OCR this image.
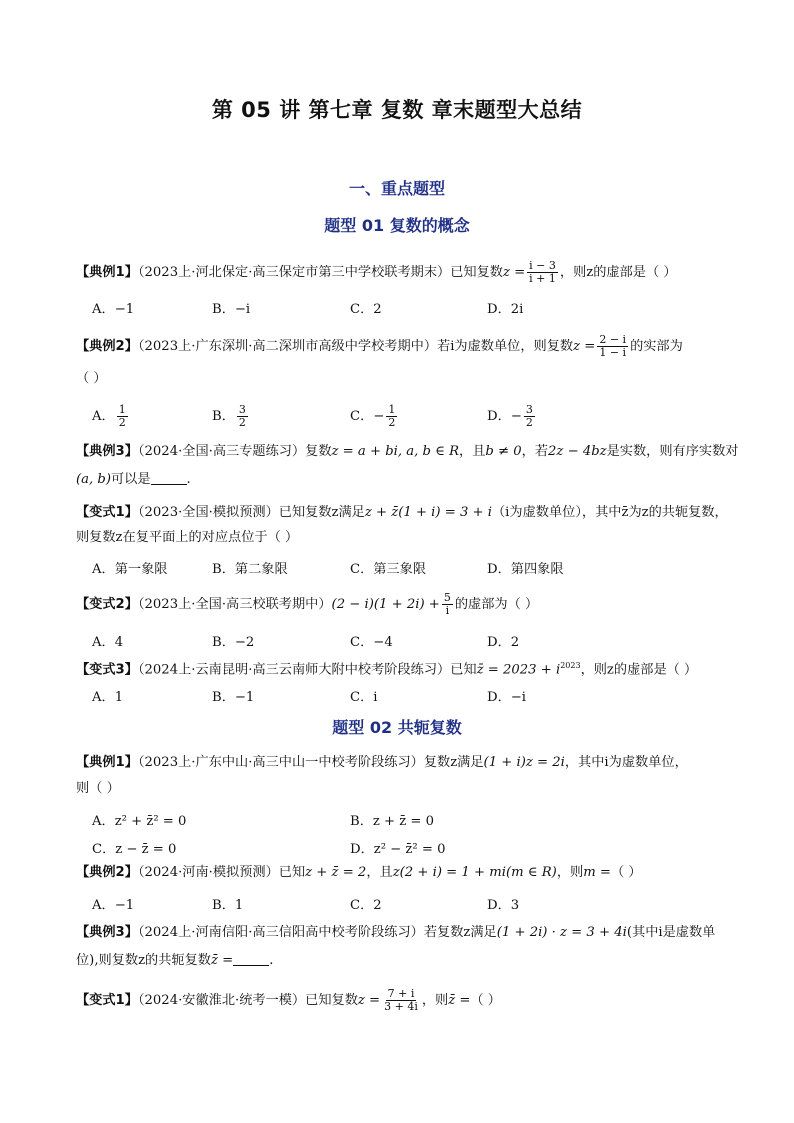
第 05 讲 第七章 复数 章末题型大总结
一、重点题型
题型 01 复数的概念
【典例1】（2023上·河北保定·高三保定市第三中学校联考期末）已知复数$z = \frac{i - 3}{i + 1}$ ，则z的虚部是（ ）
A．−1	B．−i	C．2	D．2i
【典例2】（2023上·广东深圳·高二深圳市高级中学校考期中）若i为虚数单位，则复数$z = \frac{2 - i}{1 - i}$ 的实部为
（ ）
A． $\frac{1}{2}$	B． $\frac{3}{2}$	C．− $\frac{1}{2}$	D．− $\frac{3}{2}$
【典例3】（2024·全国·高三专题练习）复数z = a + bi, a, b ∈ R，且b ≠ 0，若2z − 4bz是实数，则有序实数对
(a, b)可以是	.
【变式1】（2023·全国·模拟预测）已知复数z满足z + z̄(1 + i) = 3 + i（i为虚数单位），其中z̄为z的共轭复数，
则复数z在复平面上的对应点位于（ ）
A．第一象限	B．第二象限	C．第三象限	D．第四象限
【变式2】（2023上·全国·高三校联考期中）$(2 - i)(1 + 2i) + \frac{5}{i}$ 的虚部为（ ）
A．4	B．−2	C．−4	D．2
【变式3】（2024上·云南昆明·高三云南师大附中校考阶段练习）已知z̄ = $2023 + i^{2023}$，则z的虚部是（ ）
A．1	B．−1	C．i	D．−i
题型 02 共轭复数
【典例1】（2023上·广东中山·高三中山一中校考阶段练习）复数z满足(1 + i)z = 2i，其中i为虚数单位，
则（ ）
A．z² + z̄² = 0	B．z + z̄ = 0
C．z − z̄ = 0	D．z² − z̄² = 0
【典例2】（2024·河南·模拟预测）已知z + z̄ = 2，且z(2 + i) = 1 + mi(m ∈ R)，则m =（ ）
A．−1	B．1	C．2	D．3
【典例3】（2024上·河南信阳·高三信阳高中校考阶段练习）若复数z满足(1 + 2i) · z = 3 + 4i(其中i是虚数单
位),则复数z的共轭复数z̄ =	.
【变式1】（2024·安徽淮北·统考一模）已知复数$z = \frac{7 + i}{3 + 4i}$ ，则z̄ =（ ）
